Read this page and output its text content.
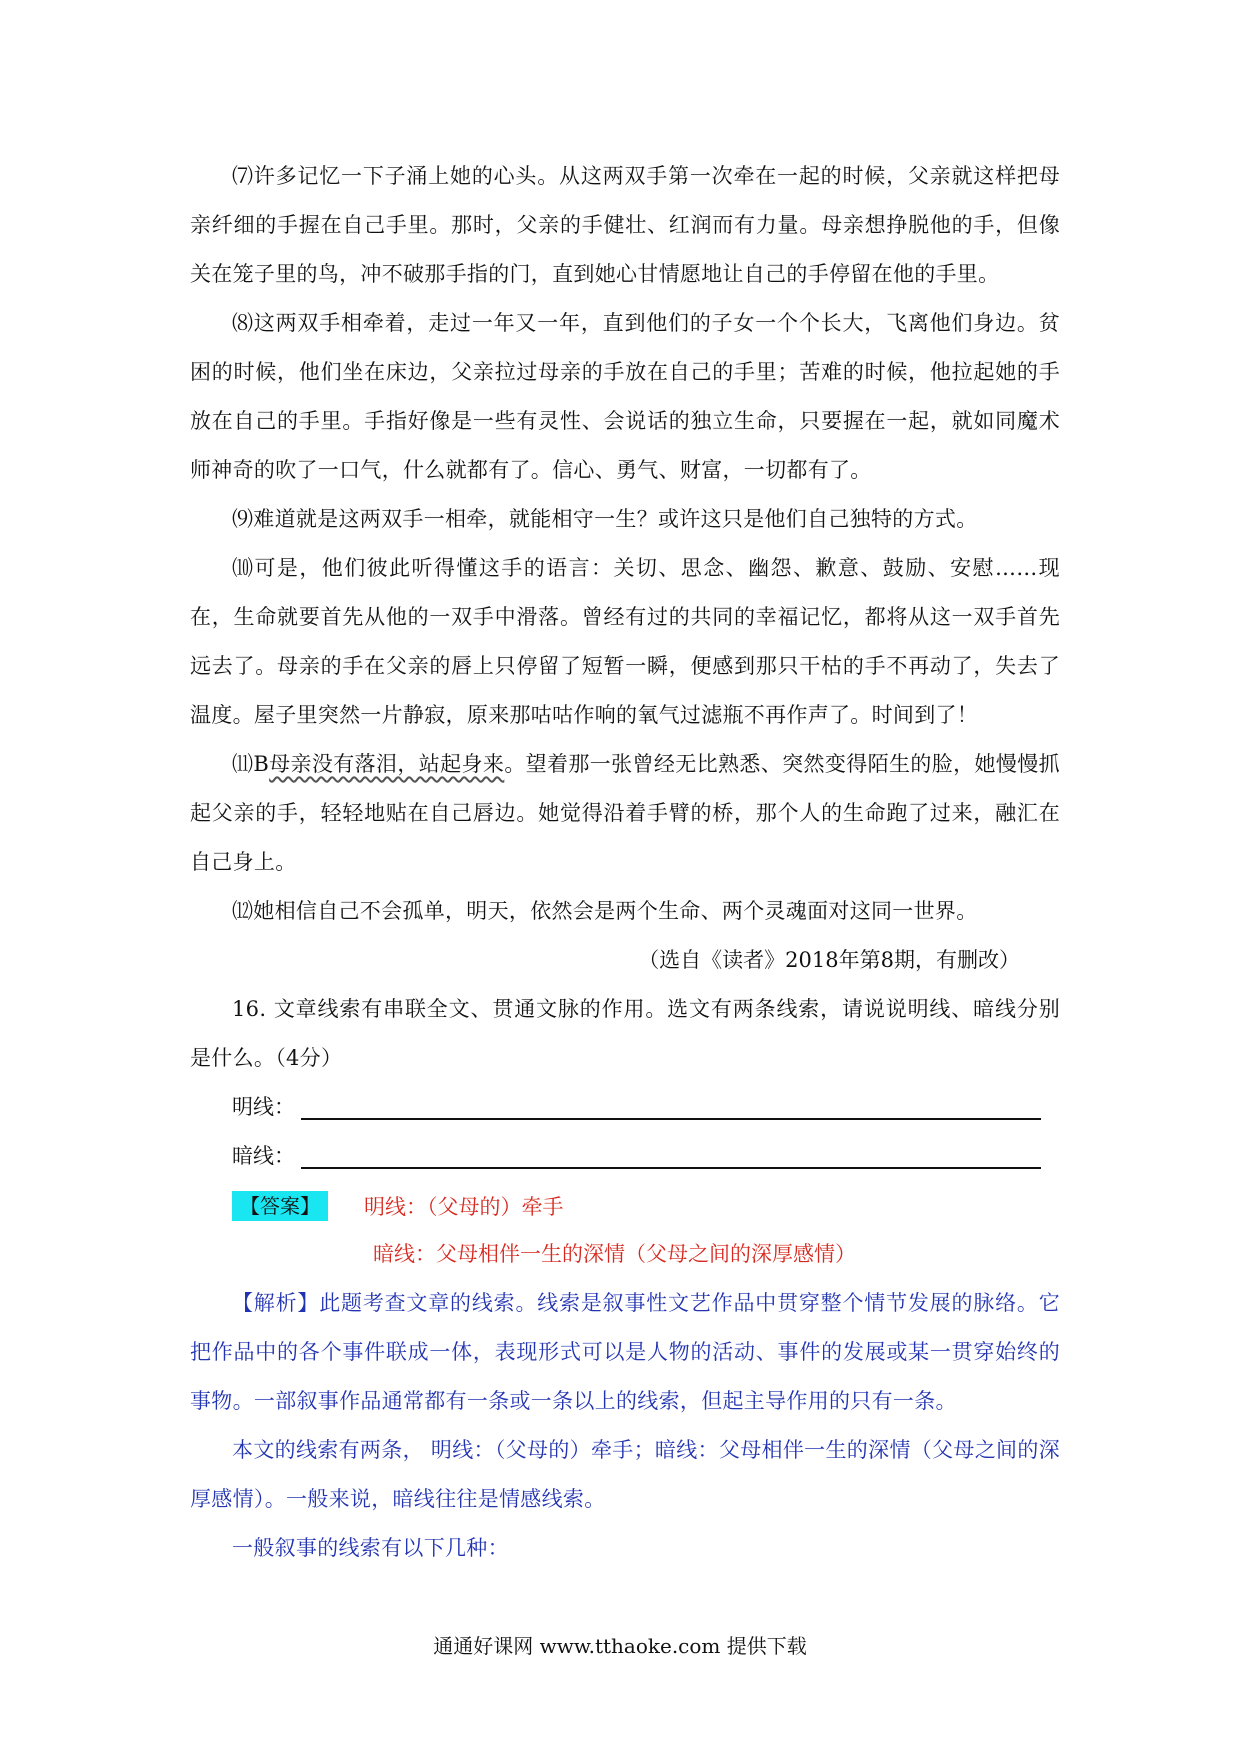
⑺许多记忆一下子涌上她的心头。从这两双手第一次牵在一起的时候，父亲就这样把母亲纤细的手握在自己手里。那时，父亲的手健壮、红润而有力量。母亲想挣脱他的手，但像关在笼子里的鸟，冲不破那手指的门，直到她心甘情愿地让自己的手停留在他的手里。

⑻这两双手相牵着，走过一年又一年，直到他们的子女一个个长大，飞离他们身边。贫困的时候，他们坐在床边，父亲拉过母亲的手放在自己的手里；苦难的时候，他拉起她的手放在自己的手里。手指好像是一些有灵性、会说话的独立生命，只要握在一起，就如同魔术师神奇的吹了一口气，什么就都有了。信心、勇气、财富，一切都有了。

⑼难道就是这两双手一相牵，就能相守一生？或许这只是他们自己独特的方式。

⑽可是，他们彼此听得懂这手的语言：关切、思念、幽怨、歉意、鼓励、安慰……现在，生命就要首先从他的一双手中滑落。曾经有过的共同的幸福记忆，都将从这一双手首先远去了。母亲的手在父亲的唇上只停留了短暂一瞬，便感到那只干枯的手不再动了，失去了温度。屋子里突然一片静寂，原来那咕咕作响的氧气过滤瓶不再作声了。时间到了！

⑾B母亲没有落泪，站起身来。望着那一张曾经无比熟悉、突然变得陌生的脸，她慢慢抓起父亲的手，轻轻地贴在自己唇边。她觉得沿着手臂的桥，那个人的生命跑了过来，融汇在自己身上。

⑿她相信自己不会孤单，明天，依然会是两个生命、两个灵魂面对这同一世界。

（选自《读者》2018年第8期，有删改）

16. 文章线索有串联全文、贯通文脉的作用。选文有两条线索，请说说明线、暗线分别是什么。（4分）

明线：
暗线：
【答案】	明线：（父母的）牵手
暗线：父母相伴一生的深情（父母之间的深厚感情）

【解析】此题考查文章的线索。线索是叙事性文艺作品中贯穿整个情节发展的脉络。它把作品中的各个事件联成一体，表现形式可以是人物的活动、事件的发展或某一贯穿始终的事物。一部叙事作品通常都有一条或一条以上的线索，但起主导作用的只有一条。

本文的线索有两条， 明线：（父母的）牵手；暗线：父母相伴一生的深情（父母之间的深厚感情）。一般来说，暗线往往是情感线索。

一般叙事的线索有以下几种：

通通好课网 www.tthaoke.com 提供下载
